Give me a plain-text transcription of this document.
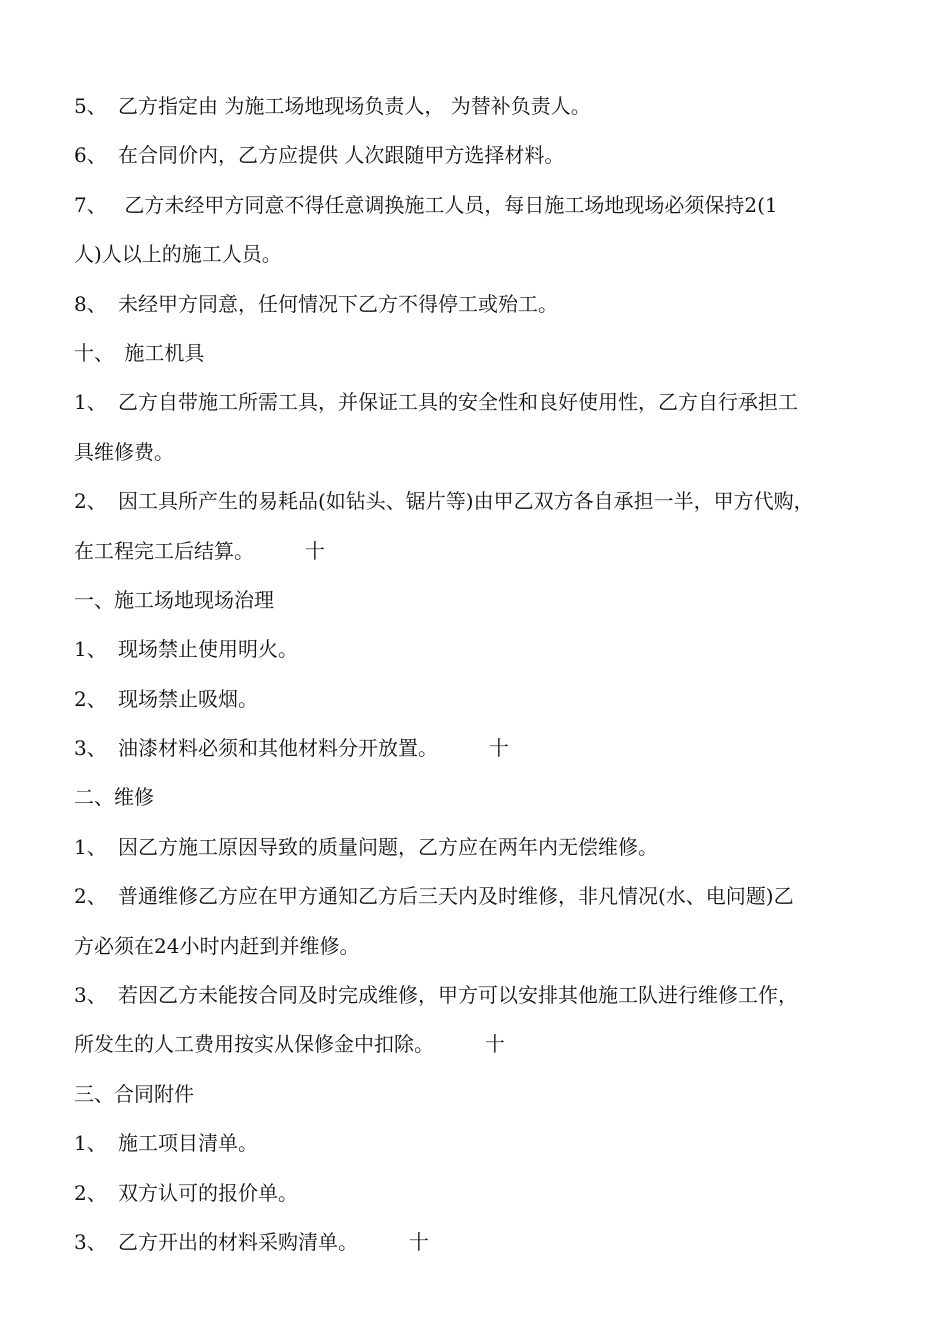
5、 乙方指定由 为施工场地现场负责人， 为替补负责人。
6、 在合同价内，乙方应提供 人次跟随甲方选择材料。
7、 乙方未经甲方同意不得任意调换施工人员，每日施工场地现场必须保持2(1
人)人以上的施工人员。
8、 未经甲方同意，任何情况下乙方不得停工或殆工。
十、 施工机具
1、 乙方自带施工所需工具，并保证工具的安全性和良好使用性，乙方自行承担工
具维修费。
2、 因工具所产生的易耗品(如钻头、锯片等)由甲乙双方各自承担一半，甲方代购，
在工程完工后结算。        十
一、施工场地现场治理
1、 现场禁止使用明火。
2、 现场禁止吸烟。
3、 油漆材料必须和其他材料分开放置。        十
二、维修
1、 因乙方施工原因导致的质量问题，乙方应在两年内无偿维修。
2、 普通维修乙方应在甲方通知乙方后三天内及时维修，非凡情况(水、电问题)乙
方必须在24小时内赶到并维修。
3、 若因乙方未能按合同及时完成维修，甲方可以安排其他施工队进行维修工作，
所发生的人工费用按实从保修金中扣除。        十
三、合同附件
1、 施工项目清单。
2、 双方认可的报价单。
3、 乙方开出的材料采购清单。        十
